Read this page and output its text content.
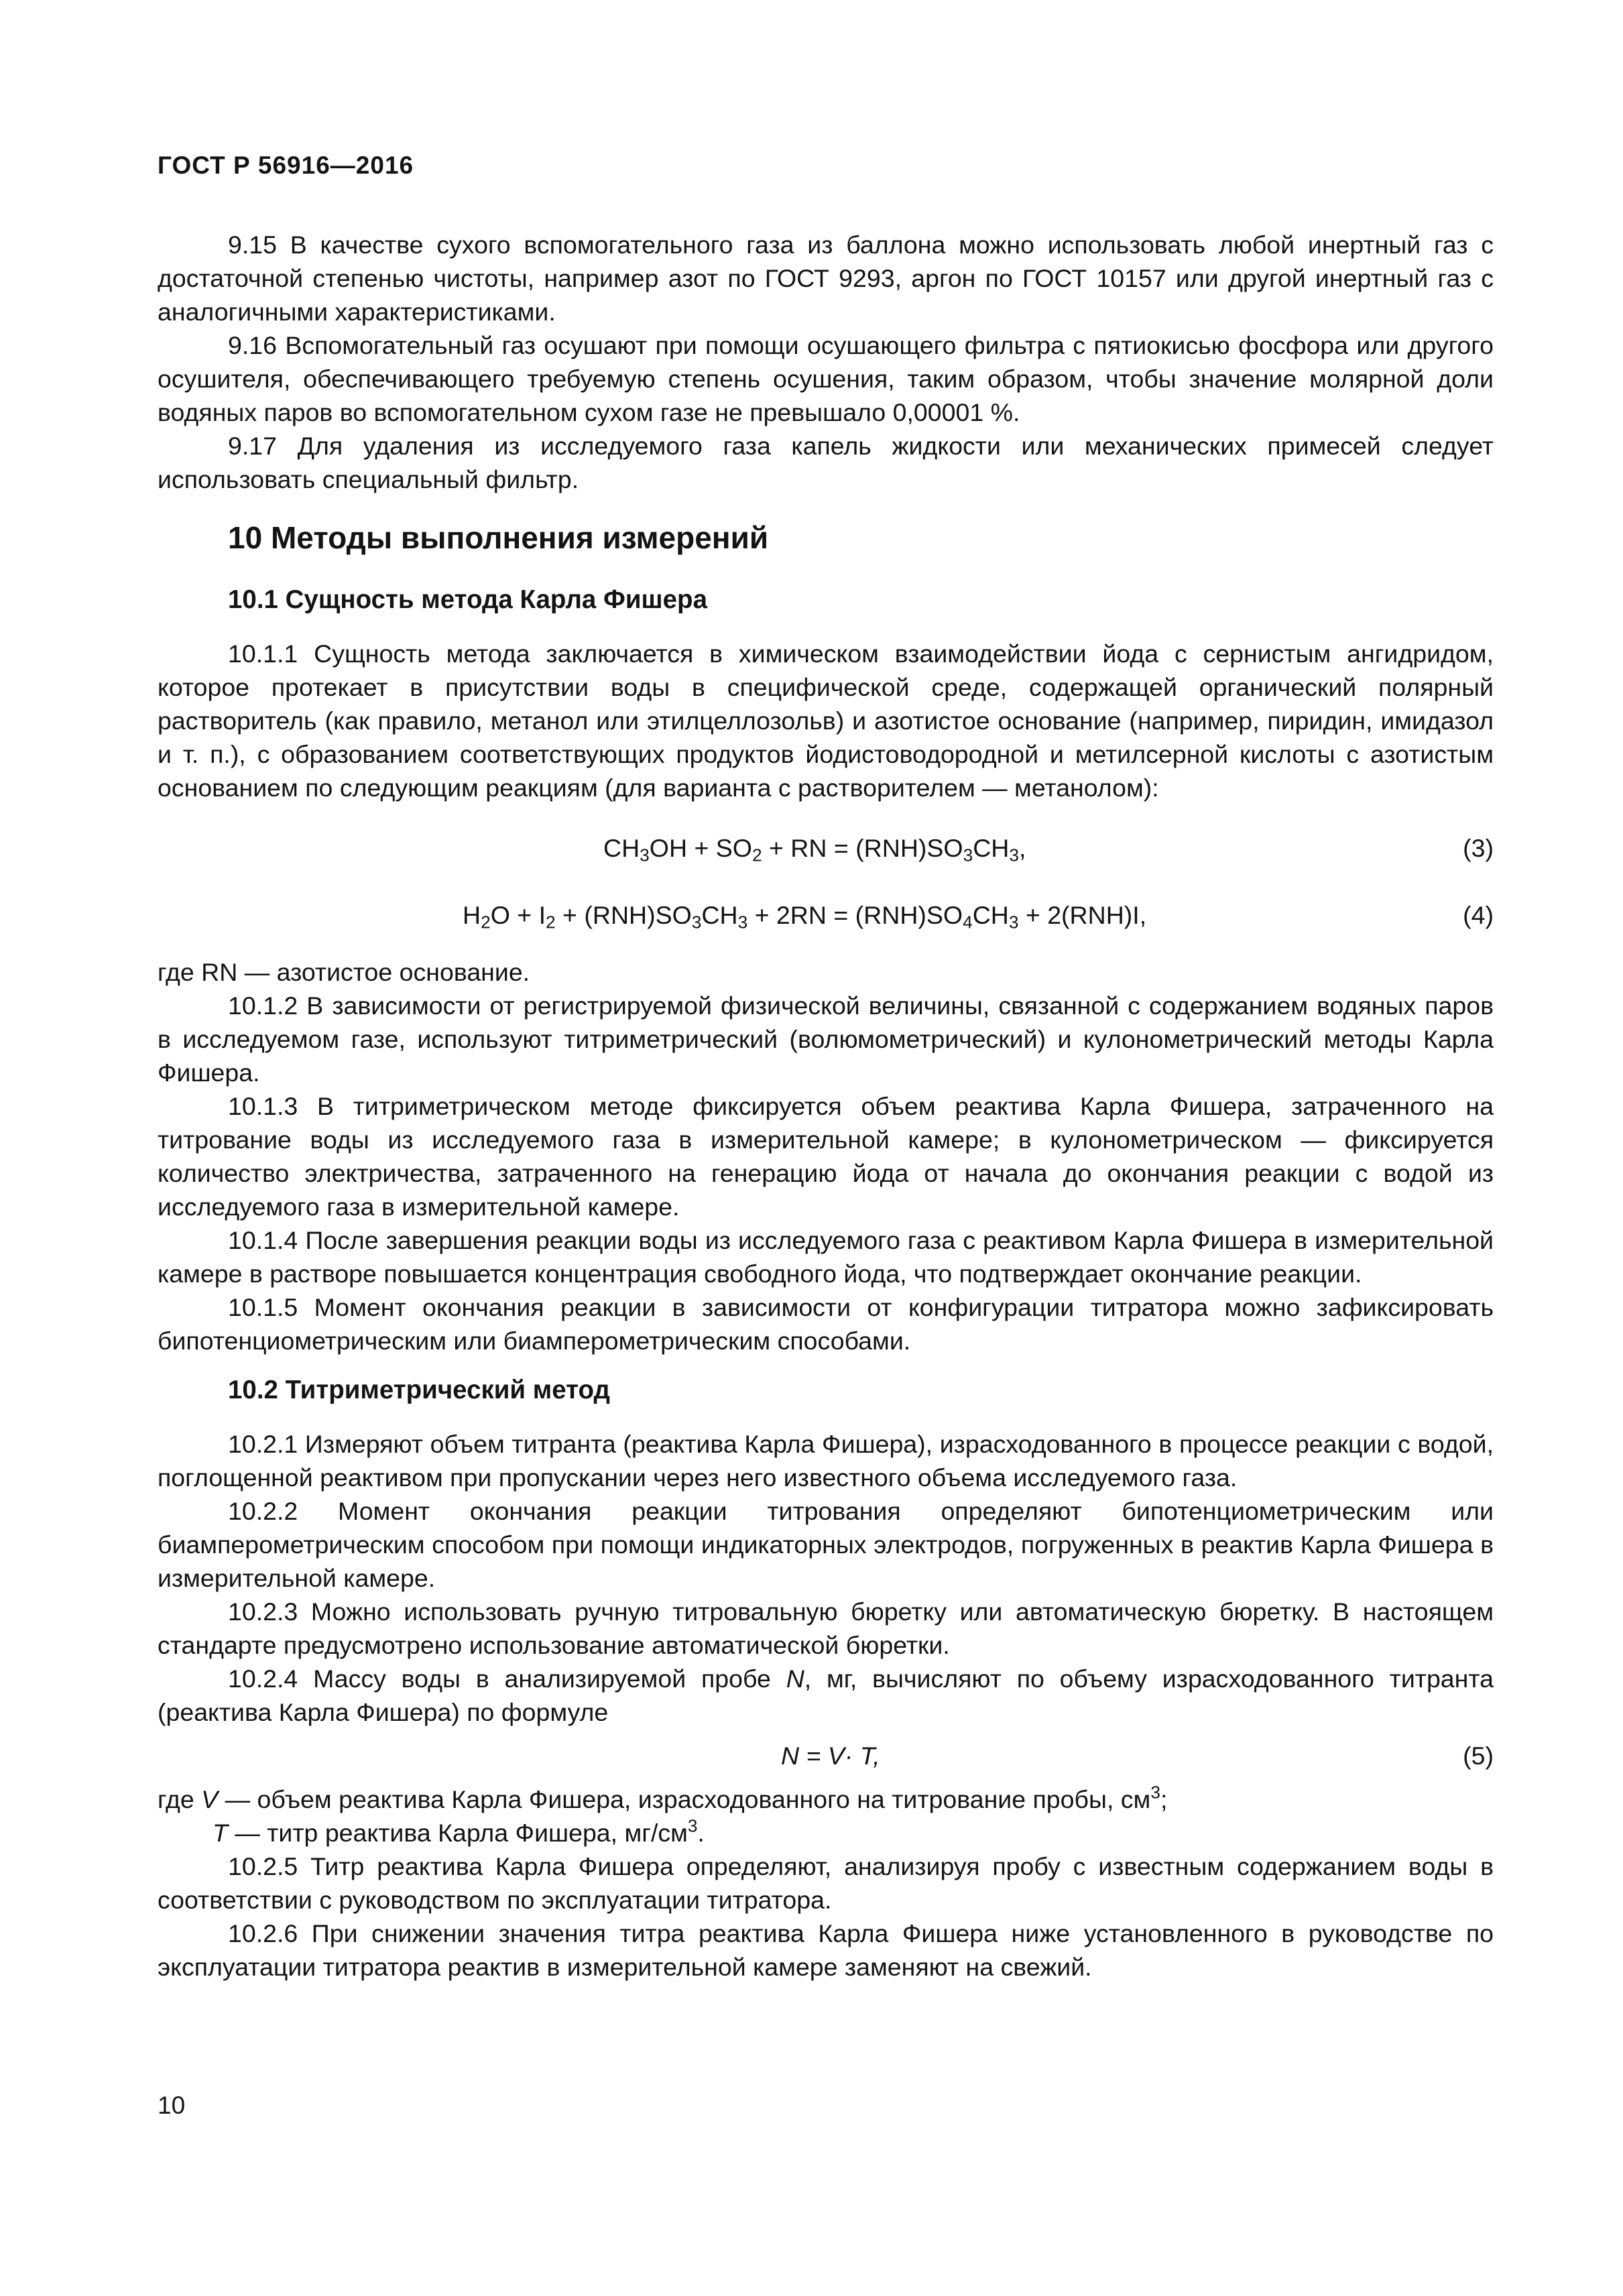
ГОСТ Р 56916—2016

9.15 В качестве сухого вспомогательного газа из баллона можно использовать любой инертный газ с достаточной степенью чистоты, например азот по ГОСТ 9293, аргон по ГОСТ 10157 или другой инертный газ с аналогичными характеристиками.

9.16 Вспомогательный газ осушают при помощи осушающего фильтра с пятиокисью фосфора или другого осушителя, обеспечивающего требуемую степень осушения, таким образом, чтобы значение молярной доли водяных паров во вспомогательном сухом газе не превышало 0,00001 %.

9.17 Для удаления из исследуемого газа капель жидкости или механических примесей следует использовать специальный фильтр.

10 Методы выполнения измерений
10.1 Сущность метода Карла Фишера

10.1.1 Сущность метода заключается в химическом взаимодействии йода с сернистым ангидридом, которое протекает в присутствии воды в специфической среде, содержащей органический полярный растворитель (как правило, метанол или этилцеллозольв) и азотистое основание (например, пиридин, имидазол и т. п.), с образованием соответствующих продуктов йодистоводородной и метилсерной кислоты с азотистым основанием по следующим реакциям (для варианта с растворителем — метанолом):

$CH_3OH + SO_2$ + RN = $(RNH)SO_3CH_3$,	(3)
$H_2O + I_2 + (RNH)SO_3CH_3 + 2RN = (RNH)SO_4CH_3 + 2(RNH)I$,	(4)

где RN — азотистое основание.

10.1.2 В зависимости от регистрируемой физической величины, связанной с содержанием водяных паров в исследуемом газе, используют титриметрический (волюмометрический) и кулонометрический методы Карла Фишера.

10.1.3 В титриметрическом методе фиксируется объем реактива Карла Фишера, затраченного на титрование воды из исследуемого газа в измерительной камере; в кулонометрическом — фиксируется количество электричества, затраченного на генерацию йода от начала до окончания реакции с водой из исследуемого газа в измерительной камере.

10.1.4 После завершения реакции воды из исследуемого газа с реактивом Карла Фишера в измерительной камере в растворе повышается концентрация свободного йода, что подтверждает окончание реакции.

10.1.5 Момент окончания реакции в зависимости от конфигурации титратора можно зафиксировать бипотенциометрическим или биамперометрическим способами.

10.2 Титриметрический метод

10.2.1 Измеряют объем титранта (реактива Карла Фишера), израсходованного в процессе реакции с водой, поглощенной реактивом при пропускании через него известного объема исследуемого газа.

10.2.2 Момент окончания реакции титрования определяют бипотенциометрическим или биамперометрическим способом при помощи индикаторных электродов, погруженных в реактив Карла Фишера в измерительной камере.

10.2.3 Можно использовать ручную титровальную бюретку или автоматическую бюретку. В настоящем стандарте предусмотрено использование автоматической бюретки.

10.2.4 Массу воды в анализируемой пробе N, мг, вычисляют по объему израсходованного титранта (реактива Карла Фишера) по формуле

N = V· T,	(5)

где V — объем реактива Карла Фишера, израсходованного на титрование пробы, $см^3$;

T — титр реактива Карла Фишера, $мг/см^3$.

10.2.5 Титр реактива Карла Фишера определяют, анализируя пробу с известным содержанием воды в соответствии с руководством по эксплуатации титратора.

10.2.6 При снижении значения титра реактива Карла Фишера ниже установленного в руководстве по эксплуатации титратора реактив в измерительной камере заменяют на свежий.

10
